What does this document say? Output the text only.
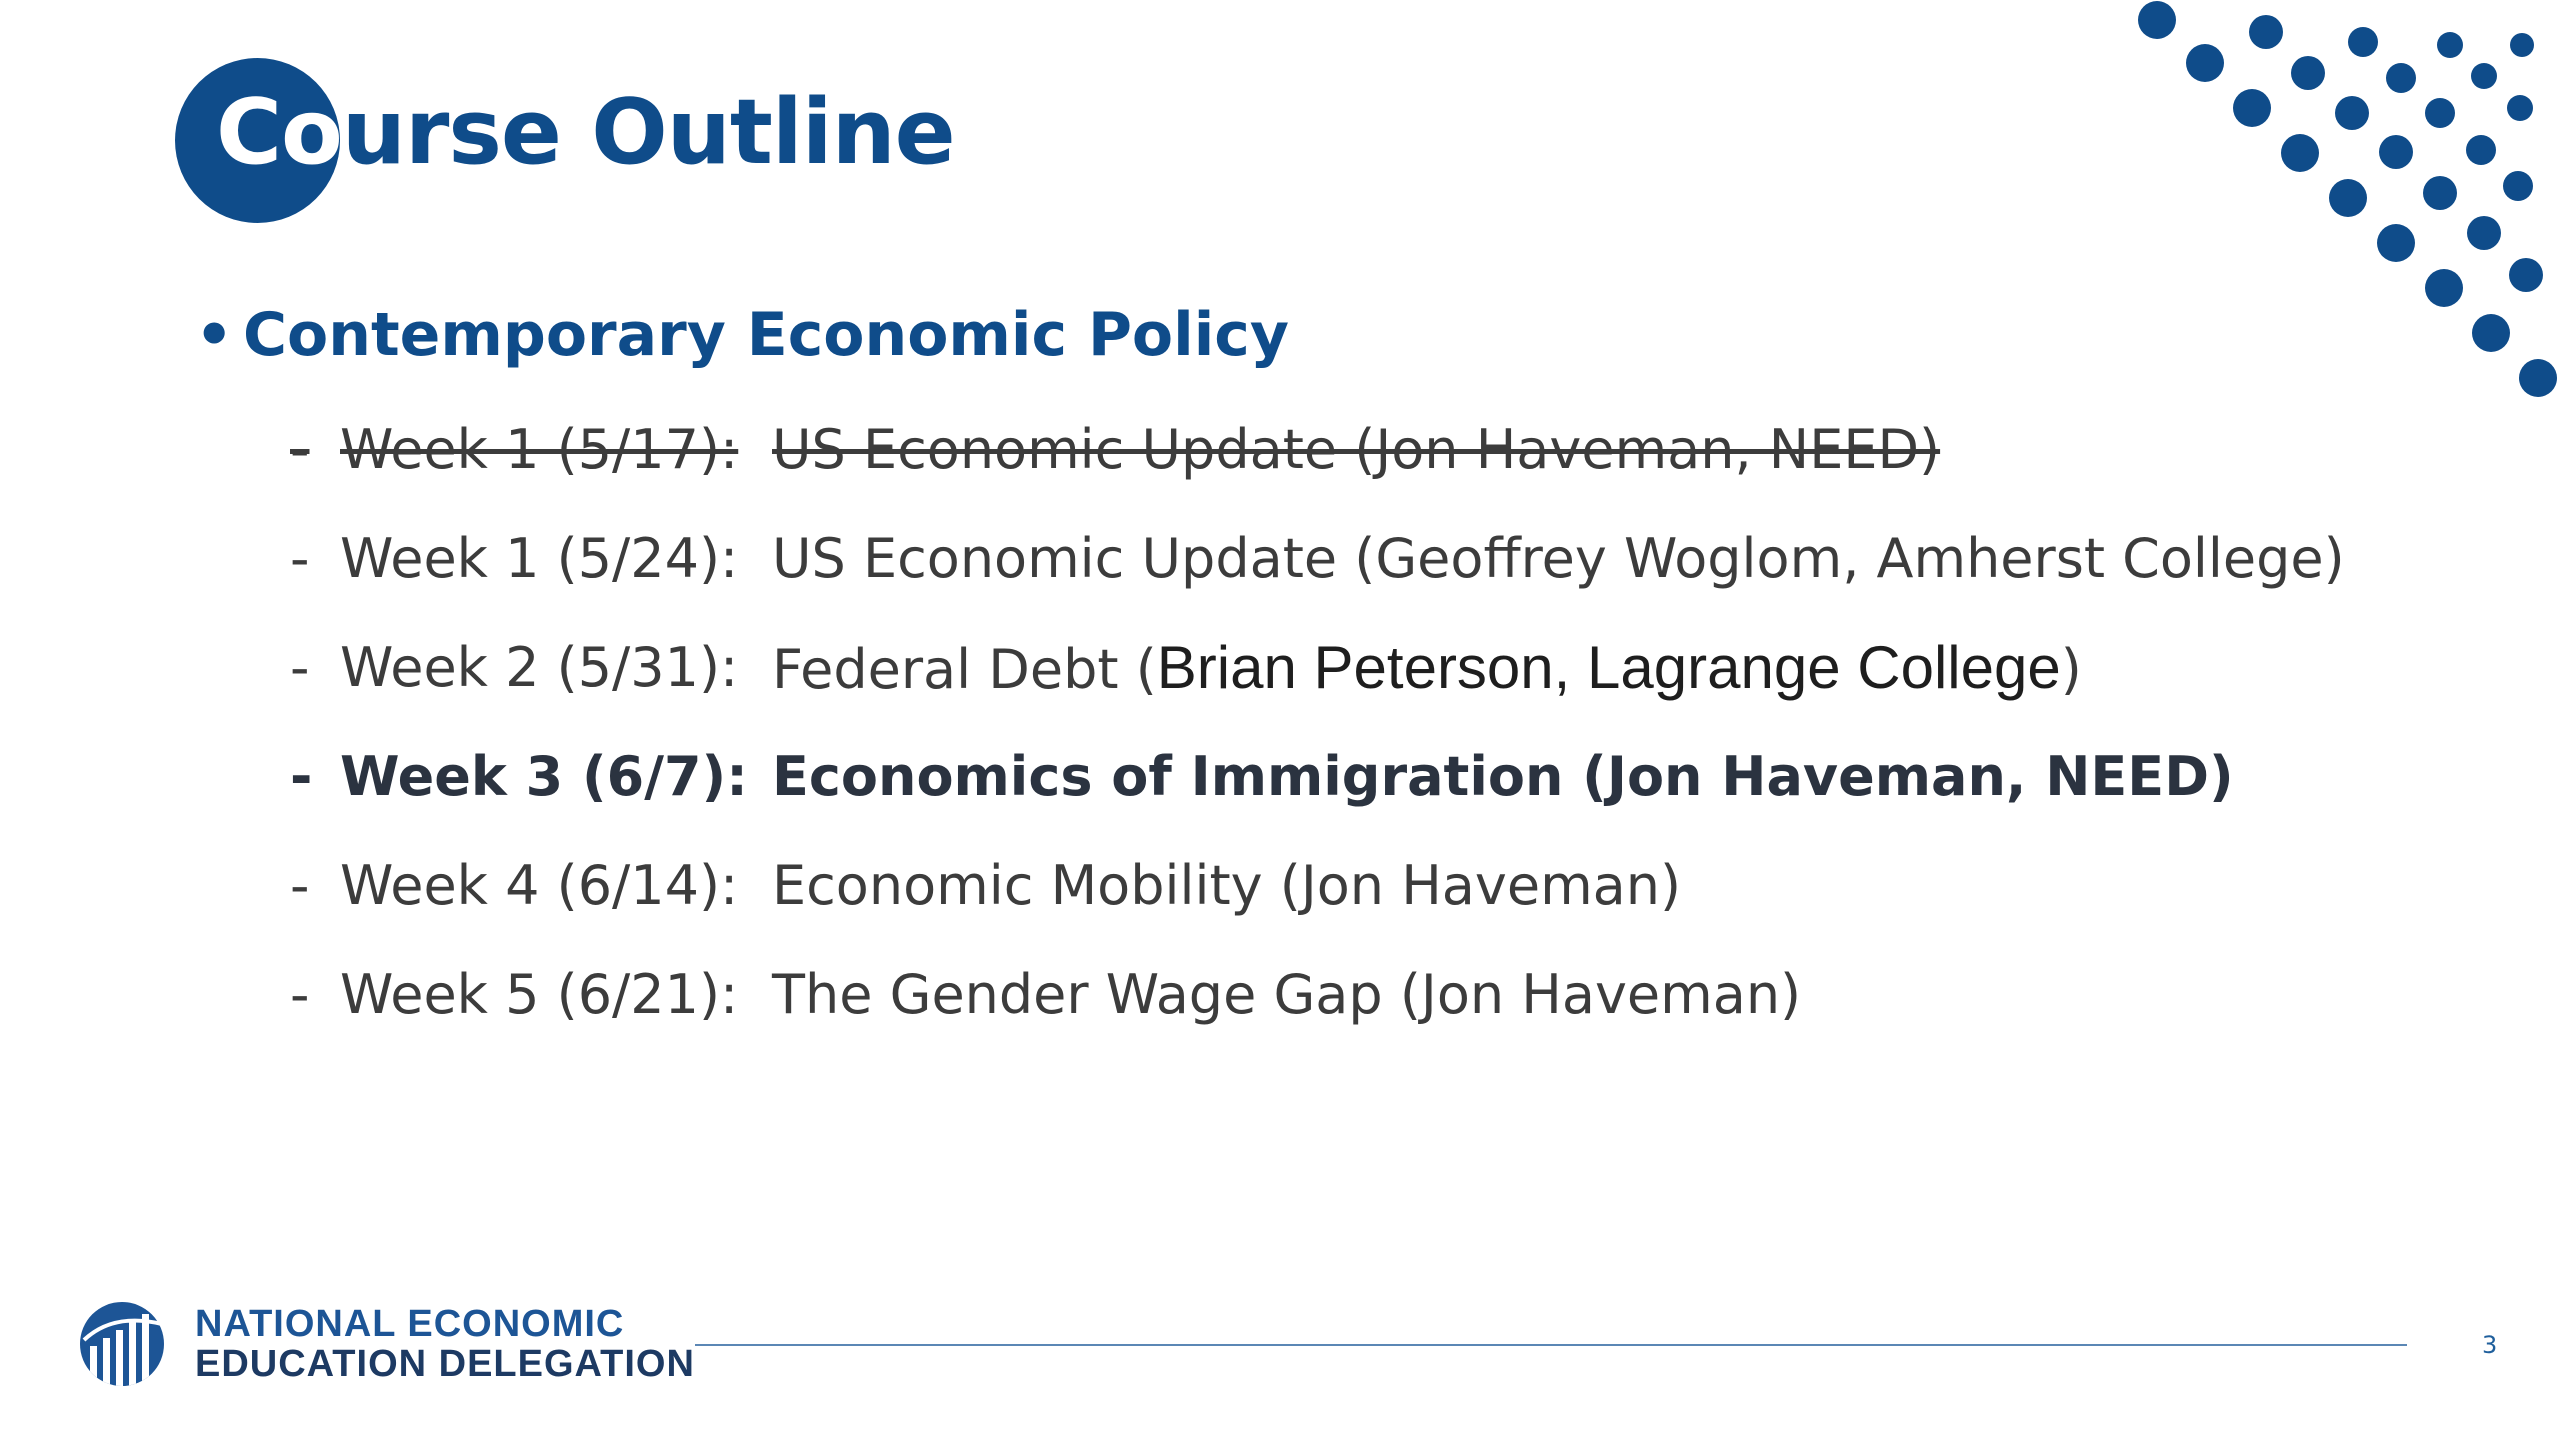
Course Outline
• Contemporary Economic Policy
- Week 1 (5/17): US Economic Update (Jon Haveman, NEED)
- Week 1 (5/24): US Economic Update (Geoffrey Woglom, Amherst College)
- Week 2 (5/31): Federal Debt (Brian Peterson, Lagrange College)
- Week 3 (6/7): Economics of Immigration (Jon Haveman, NEED)
- Week 4 (6/14): Economic Mobility (Jon Haveman)
- Week 5 (6/21): The Gender Wage Gap (Jon Haveman)
NATIONAL ECONOMIC
EDUCATION DELEGATION	3
